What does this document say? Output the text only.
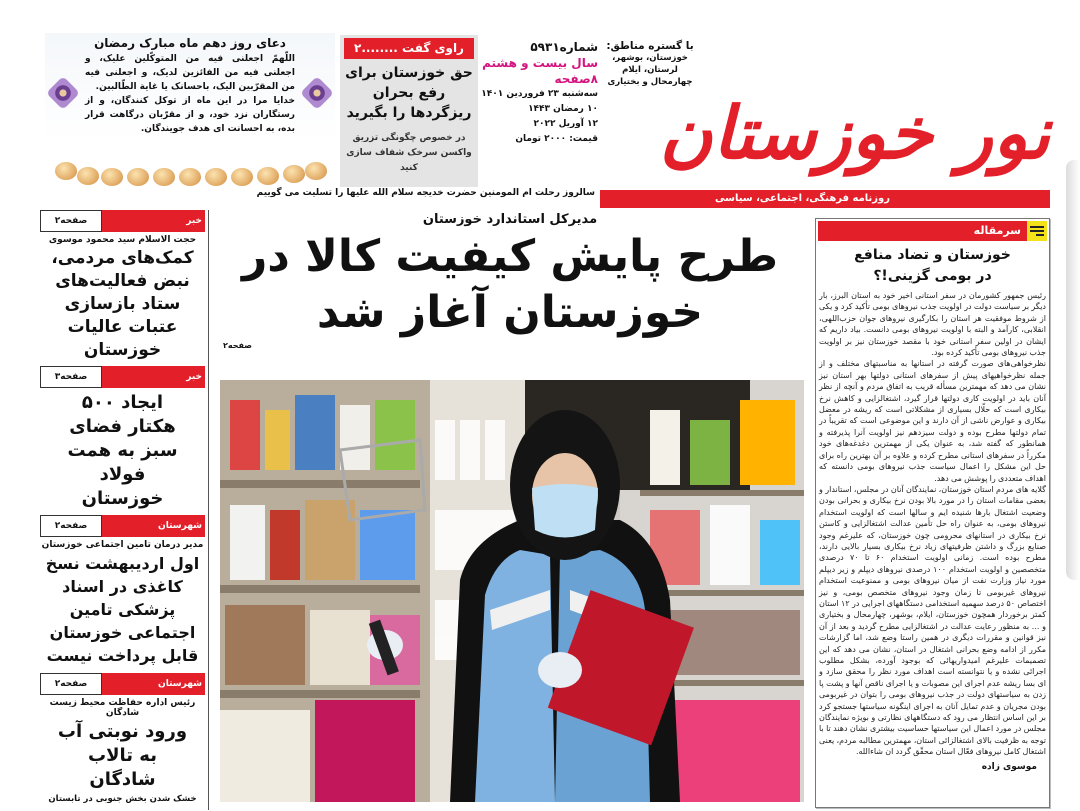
دعای روز دهم ماه مبارک رمضان
اللّهمّ اجعلنی فیه من المتوکّلین علیک، و اجعلنی فیه من الفائزین لدیک، و اجعلنی فیه من المقرّبین الیک، باحسانک یا غایة الطّالبین.
خدایا مرا در این ماه از توکل کنندگان، و از رستگاران نزد خود، و از مقرّبان درگاهت قرار بده، به احسانت ای هدف جویندگان.
راوی گفت ........۲
حق خوزستان برای رفع بحران ریزگردها را بگیرید
در خصوص چگونگی تزریق واکسن سرخک شفاف سازی کنید
شماره۵۹۳۱
سال بیست و هشتم
۸صفحه
سه‌شنبه ۲۳ فروردین ۱۴۰۱
۱۰ رمضان ۱۴۴۳
۱۲ آوریل ۲۰۲۲
قیمت: ۲۰۰۰ تومان
با گستره مناطق:
خوزستان، بوشهر، لرستان، ایلام چهارمحال و بختیاری
نور خوزستان
روزنامه فرهنگی، اجتماعی، سیاسی
سالروز رحلت ام المومنین حضرت خدیجه سلام الله علیها را تسلیت می گوییم
خبر
صفحه۲
حجت الاسلام سید محمود موسوی
کمک‌های مردمی، نبض فعالیت‌های ستاد بازسازی عتبات عالیات خوزستان
خبر
صفحه۳
ایجاد ۵۰۰ هکتار فضای سبز به همت فولاد خوزستان
شهرستان
صفحه۲
مدیر درمان تامین اجتماعی خوزستان
اول اردیبهشت نسخ کاغذی در اسناد پزشکی تامین اجتماعی خوزستان قابل پرداخت نیست
شهرستان
صفحه۲
رئیس اداره حفاظت محیط زیست شادگان
ورود نوبتی آب به تالاب شادگان
خشک شدن بخش جنوبی در تابستان
مدیرکل استاندارد خوزستان
طرح پایش کیفیت کالا در خوزستان آغاز شد
صفحه۲
سرمقاله
خوزستان و تضاد منافع در بومی گزینی!؟

رئیس جمهور کشورمان در سفر استانی اخیر خود به استان البرز، بار دیگر بر سیاست دولت در اولویت جذب نیروهای بومی تأکید کرد و یکی از شروط موفقیت هر استان را بکارگیری نیروهای جوان حزب‌اللهی، انقلابی، کارآمد و البته با اولویت نیروهای بومی دانست. بیاد داریم که ایشان در اولین سفر استانی خود با مقصد خوزستان نیز بر اولویت جذب نیروهای بومی تأکید کرده بود.

نظرخواهی‌های صورت گرفته در استانها به مناسبتهای مختلف و از جمله نظرخواهیهای پیش از سفرهای استانی دولتها بهر استان نیز نشان می دهد که مهمترین مسأله قریب به اتفاق مردم و آنچه از نظر آنان باید در اولویت کاری دولتها قرار گیرد، اشتغالزایی و کاهش نرخ بیکاری است که حلّال بسیاری از مشکلاتی است که ریشه در معضل بیکاری و عوارض ناشی از آن دارند و این موضوعی است که تقریباً در تمام دولتها مطرح بوده و دولت سیزدهم نیز اولویت آنرا پذیرفته و همانطور که گفته شد، به عنوان یکی از مهمترین دغدغه‌های خود مکرراً در سفرهای استانی مطرح کرده و علاوه بر آن بهترین راه برای حل این مشکل را اعمال سیاست جذب نیروهای بومی دانسته که اهداف متعددی را پوشش می دهد.

گلایه های مردم استان خوزستان، نمایندگان آنان در مجلس، استاندار و بعضی مقامات استان را در مورد بالا بودن نرخ بیکاری و بحرانی بودن وضعیت اشتغال بارها شنیده ایم و سالها است که اولویت استخدام نیروهای بومی، به عنوان راه حل تأمین عدالت اشتغالزایی و کاستن نرخ بیکاری در استانهای محرومی چون خوزستان، که علیرغم وجود صنایع بزرگ و داشتن ظرفیتهای زیاد نرخ بیکاری بسیار بالایی دارند، مطرح بوده است. زمانی اولویت استخدام ۶۰ تا ۷۰ درصدی متخصصین و اولویت استخدام ۱۰۰ درصدی نیروهای دیپلم و زیر دیپلم مورد نیاز وزارت نفت از میان نیروهای بومی و ممنوعیت استخدام نیروهای غیربومی تا زمان وجود نیروهای متخصص بومی، و نیز اختصاص ۵۰ درصد سهمیه استخدامی دستگاههای اجرایی در ۱۲ استان کمتر برخوردار همچون خوزستان، ایلام، بوشهر، چهارمحال و بختیاری و ... به منظور رعایت عدالت در اشتغالزایی مطرح گردید و بعد از آن نیز قوانین و مقررات دیگری در همین راستا وضع شد، اما گزارشات مکرر از ادامه وضع بحرانی اشتغال در استان، نشان می دهد که این تصمیمات علیرغم امیدواریهائی که بوجود آورده، بشکل مطلوب اجرائی نشده و یا نتوانسته است اهداف مورد نظر را محقق سازد و ای بسا ریشه عدم اجرای این مصوبات و یا اجرای ناقص آنها و پشت پا زدن به سیاستهای دولت در جذب نیروهای بومی را بتوان در غیربومی بودن مجریان و عدم تمایل آنان به اجرای اینگونه سیاستها جستجو کرد بر این اساس انتظار می رود که دستگاههای نظارتی و بویژه نمایندگان مجلس در مورد اعمال این سیاستها حساسیت بیشتری نشان دهند تا با توجه به ظرفیت بالای اشتغالزائی استان، مهمترین مطالبه مردم، یعنی اشتغال کامل نیروهای فعّال استان محقّق گردد ان شاءالله.

موسوی زاده
